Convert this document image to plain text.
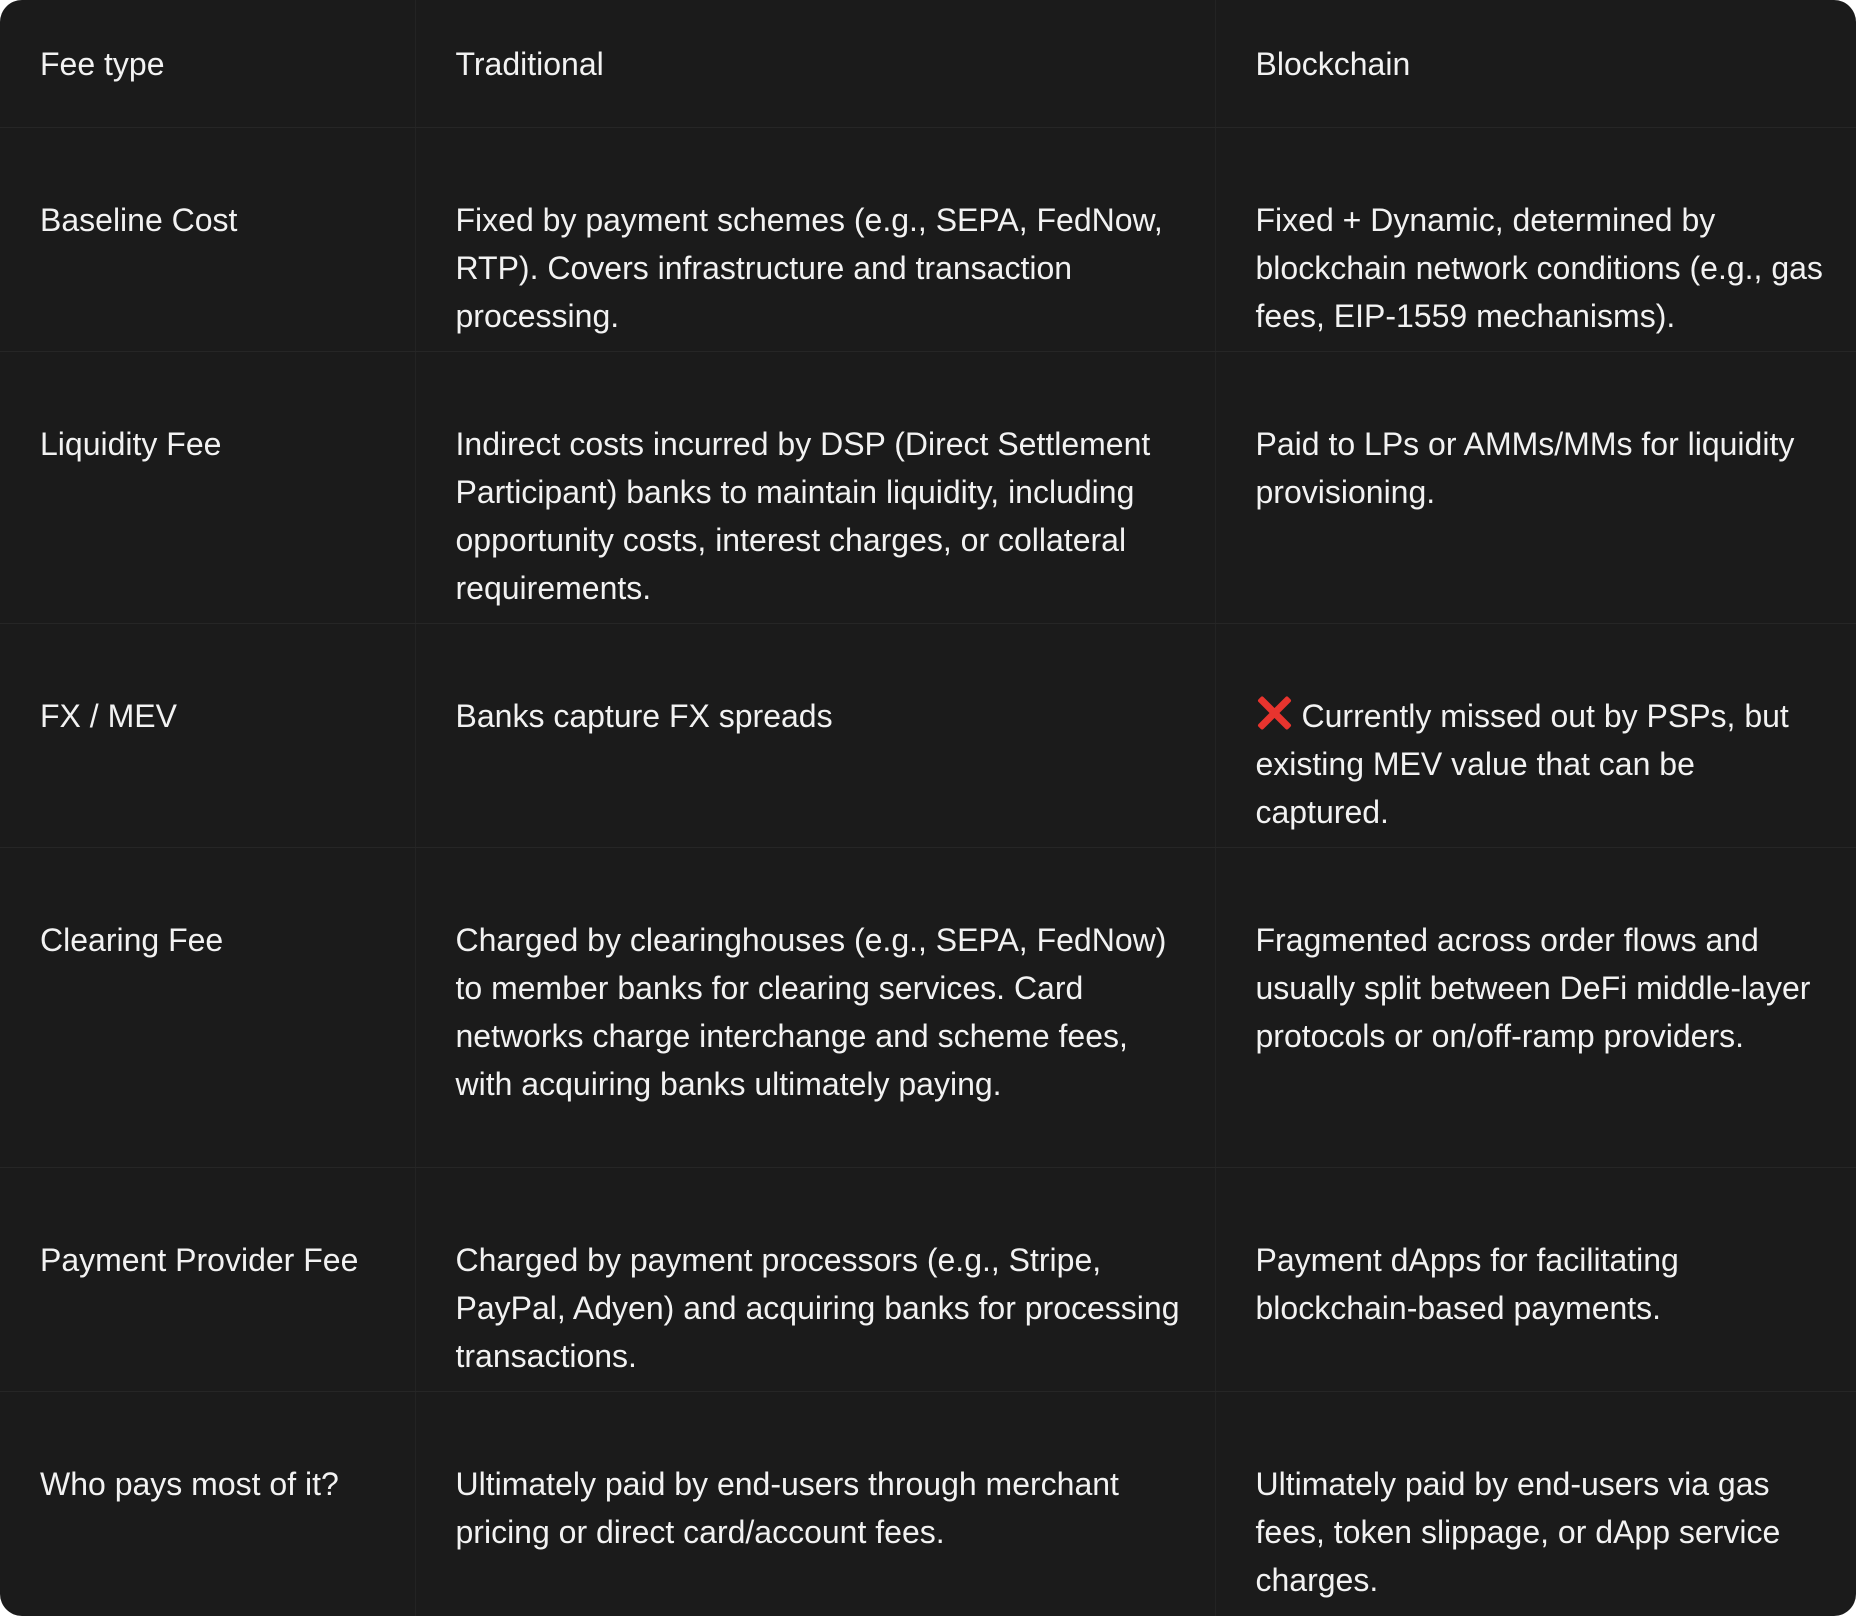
Fee type	Traditional	Blockchain
Baseline Cost	Fixed by payment schemes (e.g., SEPA, FedNow, RTP). Covers infrastructure and transaction processing.	Fixed + Dynamic, determined by blockchain network conditions (e.g., gas fees, EIP-1559 mechanisms).
Liquidity Fee	Indirect costs incurred by DSP (Direct Settlement Participant) banks to maintain liquidity, including opportunity costs, interest charges, or collateral requirements.	Paid to LPs or AMMs/MMs for liquidity provisioning.
FX / MEV	Banks capture FX spreads	Currently missed out by PSPs, but existing MEV value that can be captured.
Clearing Fee	Charged by clearinghouses (e.g., SEPA, FedNow) to member banks for clearing services. Card networks charge interchange and scheme fees, with acquiring banks ultimately paying.	Fragmented across order flows and usually split between DeFi middle-layer protocols or on/off-ramp providers.
Payment Provider Fee	Charged by payment processors (e.g., Stripe, PayPal, Adyen) and acquiring banks for processing transactions.	Payment dApps for facilitating blockchain-based payments.
Who pays most of it?	Ultimately paid by end-users through merchant pricing or direct card/account fees.	Ultimately paid by end-users via gas fees, token slippage, or dApp service charges.
